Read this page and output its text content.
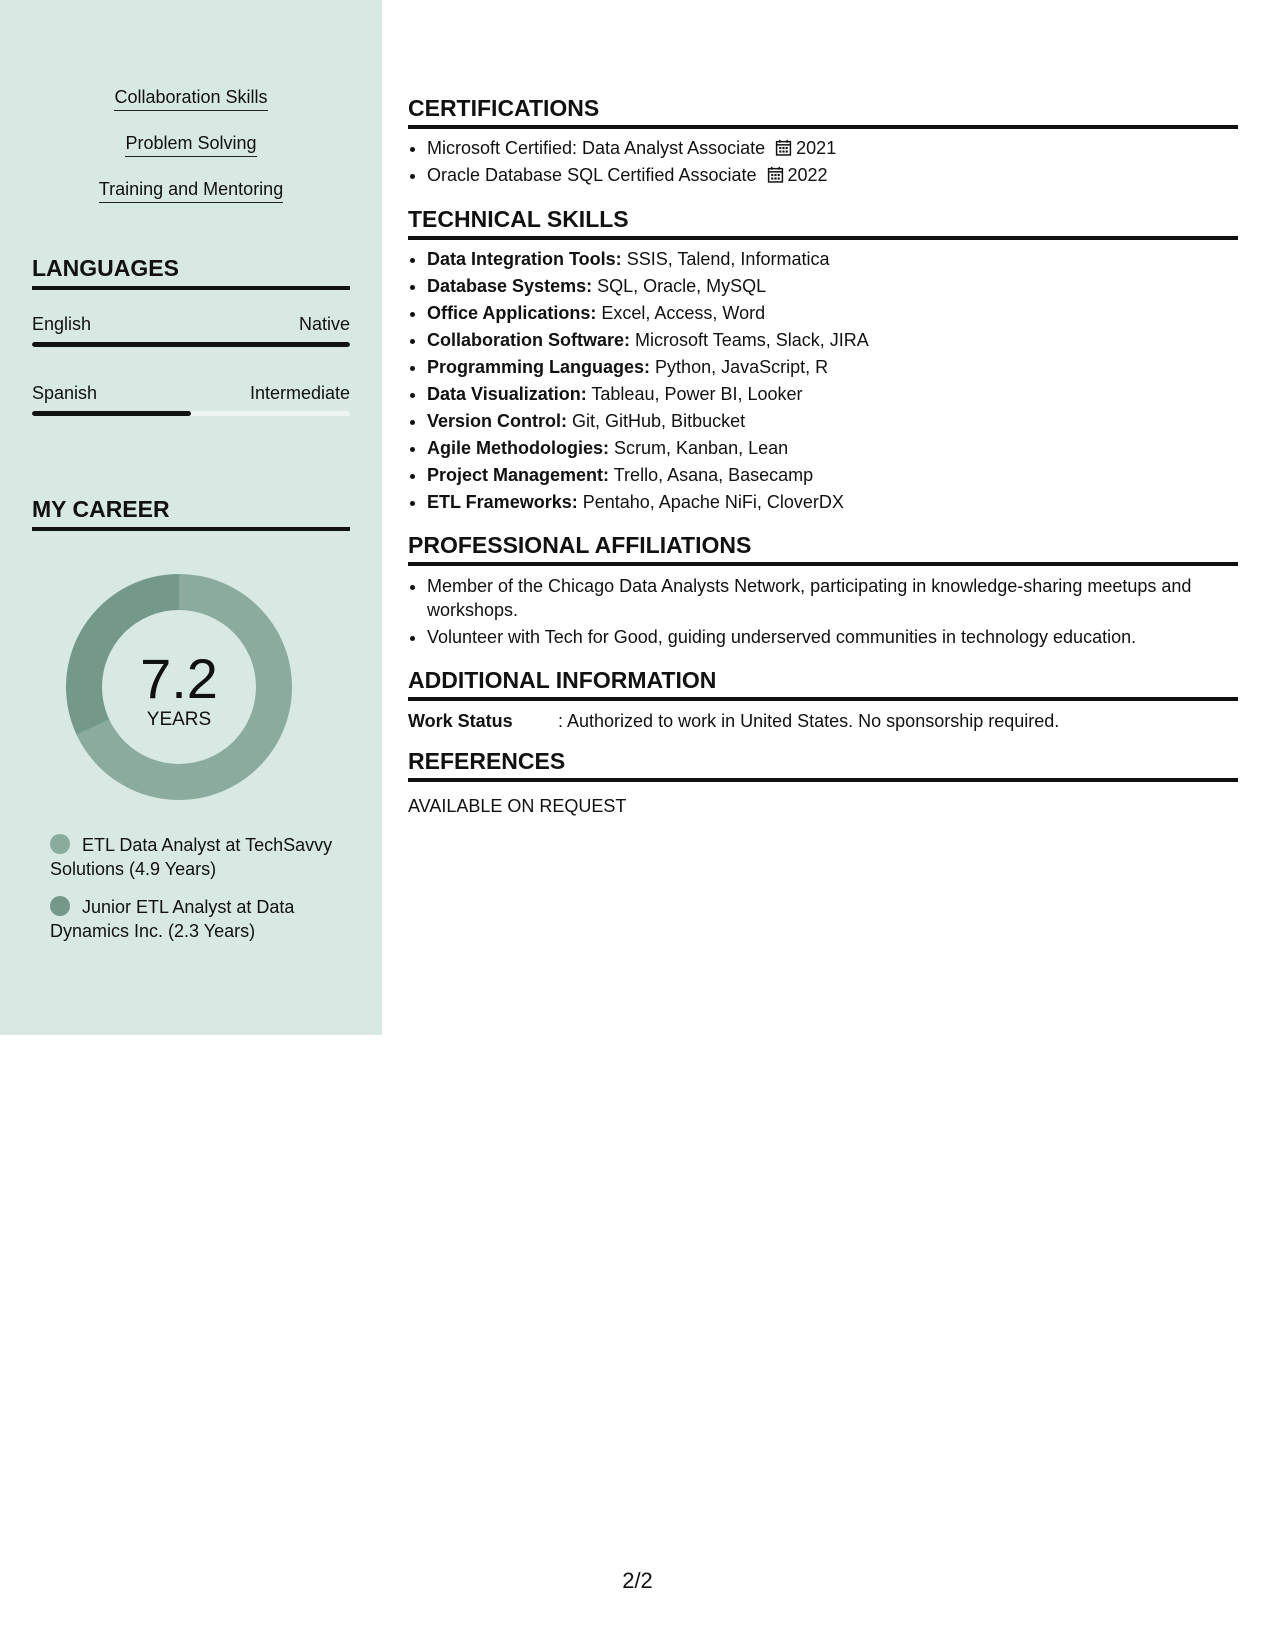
Collaboration Skills
Problem Solving
Training and Mentoring
LANGUAGES
English	Native
Spanish	Intermediate
MY CAREER
7.2
YEARS
ETL Data Analyst at TechSavvy Solutions (4.9 Years)
Junior ETL Analyst at Data Dynamics Inc. (2.3 Years)
CERTIFICATIONS
• Microsoft Certified: Data Analyst Associate 2021
• Oracle Database SQL Certified Associate 2022
TECHNICAL SKILLS
• Data Integration Tools: SSIS, Talend, Informatica
• Database Systems: SQL, Oracle, MySQL
• Office Applications: Excel, Access, Word
• Collaboration Software: Microsoft Teams, Slack, JIRA
• Programming Languages: Python, JavaScript, R
• Data Visualization: Tableau, Power BI, Looker
• Version Control: Git, GitHub, Bitbucket
• Agile Methodologies: Scrum, Kanban, Lean
• Project Management: Trello, Asana, Basecamp
• ETL Frameworks: Pentaho, Apache NiFi, CloverDX
PROFESSIONAL AFFILIATIONS
• Member of the Chicago Data Analysts Network, participating in knowledge-sharing meetups and workshops.
• Volunteer with Tech for Good, guiding underserved communities in technology education.
ADDITIONAL INFORMATION
Work Status	: Authorized to work in United States. No sponsorship required.
REFERENCES
AVAILABLE ON REQUEST
2/2
